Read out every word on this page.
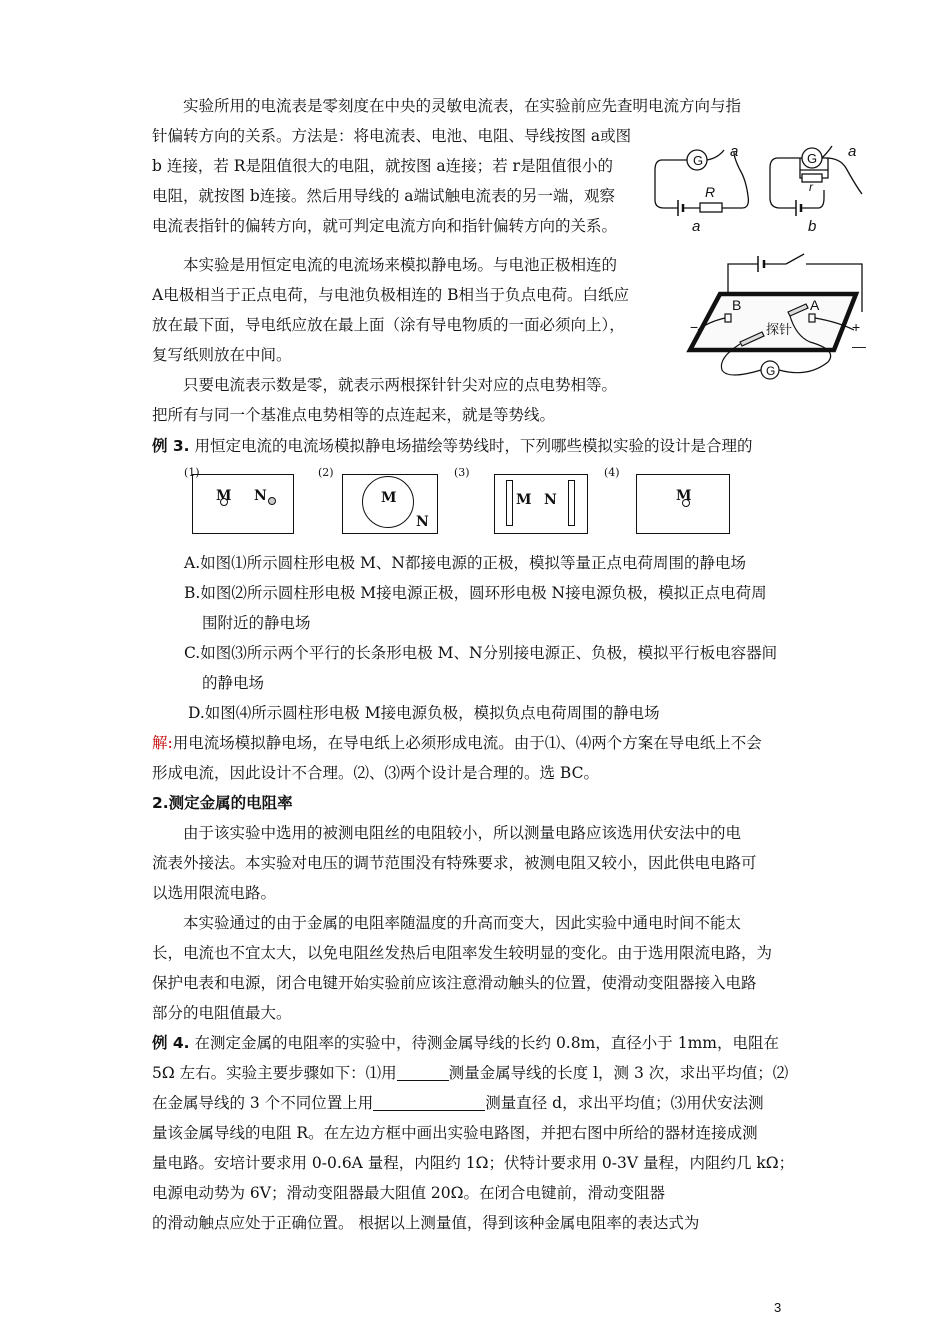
实验所用的电流表是零刻度在中央的灵敏电流表，在实验前应先查明电流方向与指

针偏转方向的关系。方法是：将电流表、电池、电阻、导线按图 a或图

b 连接，若 R是阻值很大的电阻，就按图 a连接；若 r是阻值很小的

电阻，就按图 b连接。然后用导线的 a端试触电流表的另一端，观察

电流表指针的偏转方向，就可判定电流方向和指针偏转方向的关系。

本实验是用恒定电流的电流场来模拟静电场。与电池正极相连的

A电极相当于正点电荷，与电池负极相连的 B相当于负点电荷。白纸应

放在最下面，导电纸应放在最上面（涂有导电物质的一面必须向上），

复写纸则放在中间。

只要电流表示数是零，就表示两根探针针尖对应的点电势相等。

把所有与同一个基准点电势相等的点连起来，就是等势线。

G
R
a
a
G
r
a
b
B	A
探针
G
+
—
−

例 3. 用恒定电流的电流场模拟静电场描绘等势线时，下列哪些模拟实验的设计是合理的

(1)
M N
(2)
M
N
(3)
M N
(4)
M

A.如图⑴所示圆柱形电极 M、N都接电源的正极，模拟等量正点电荷周围的静电场

B.如图⑵所示圆柱形电极 M接电源正极，圆环形电极 N接电源负极，模拟正点电荷周

围附近的静电场

C.如图⑶所示两个平行的长条形电极 M、N分别接电源正、负极，模拟平行板电容器间

的静电场

D.如图⑷所示圆柱形电极 M接电源负极，模拟负点电荷周围的静电场

解:用电流场模拟静电场，在导电纸上必须形成电流。由于⑴、⑷两个方案在导电纸上不会

形成电流，因此设计不合理。⑵、⑶两个设计是合理的。选 BC。

2.测定金属的电阻率

由于该实验中选用的被测电阻丝的电阻较小，所以测量电路应该选用伏安法中的电

流表外接法。本实验对电压的调节范围没有特殊要求，被测电阻又较小，因此供电电路可

以选用限流电路。

本实验通过的由于金属的电阻率随温度的升高而变大，因此实验中通电时间不能太

长，电流也不宜太大，以免电阻丝发热后电阻率发生较明显的变化。由于选用限流电路，为

保护电表和电源，闭合电键开始实验前应该注意滑动触头的位置，使滑动变阻器接入电路

部分的电阻值最大。

例 4. 在测定金属的电阻率的实验中，待测金属导线的长约 0.8m，直径小于 1mm，电阻在

5Ω 左右。实验主要步骤如下：⑴用	测量金属导线的长度 l，测 3 次，求出平均值；⑵

在金属导线的 3 个不同位置上用	测量直径 d，求出平均值；⑶用伏安法测

量该金属导线的电阻 R。在左边方框中画出实验电路图，并把右图中所给的器材连接成测

量电路。安培计要求用 0-0.6A 量程，内阻约 1Ω；伏特计要求用 0-3V 量程，内阻约几 kΩ；

电源电动势为 6V；滑动变阻器最大阻值 20Ω。在闭合电键前，滑动变阻器

的滑动触点应处于正确位置。 根据以上测量值，得到该种金属电阻率的表达式为

3
